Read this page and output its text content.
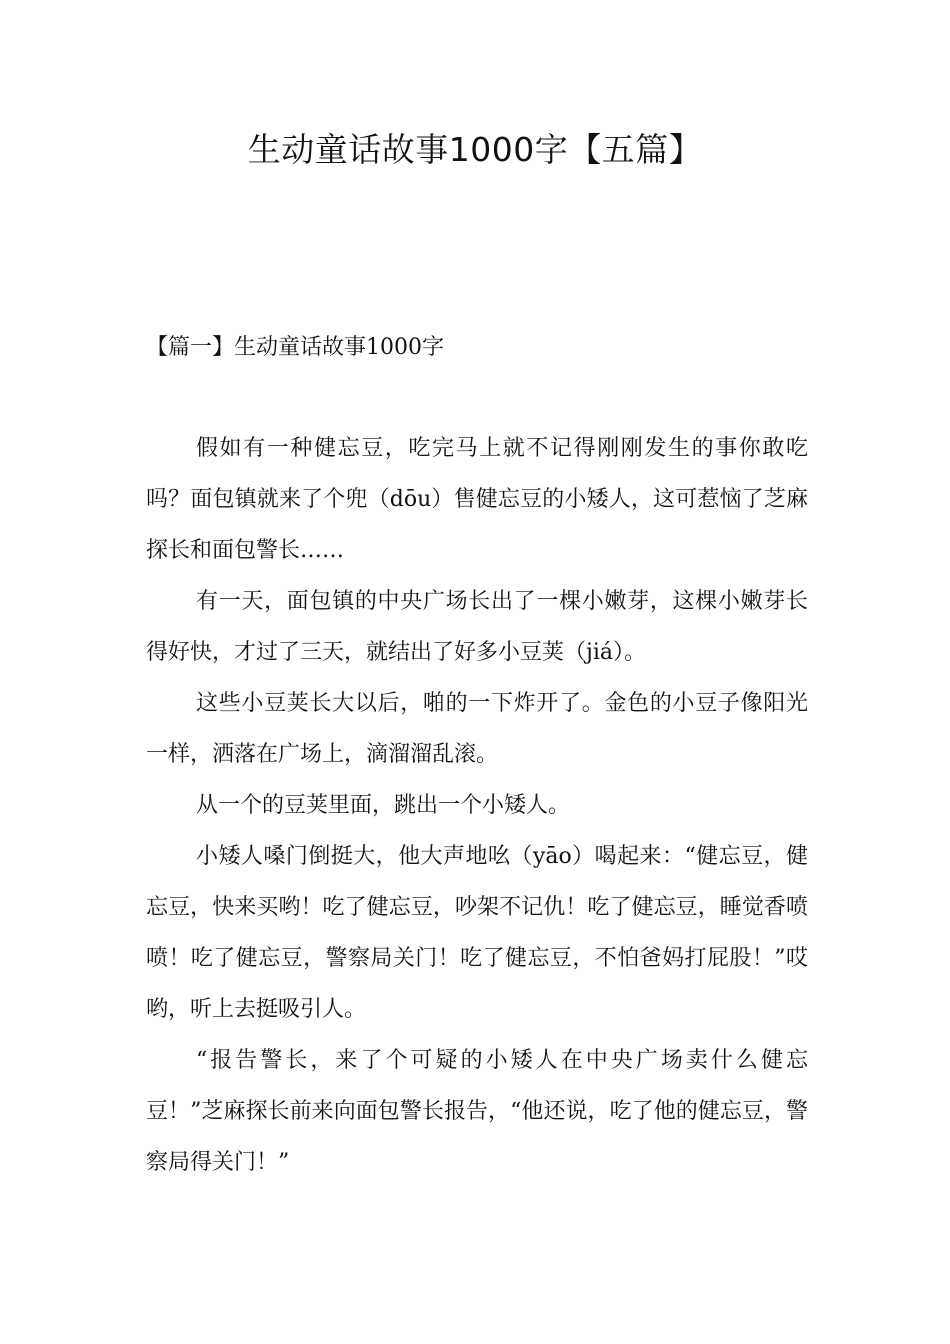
生动童话故事1000字【五篇】
【篇一】生动童话故事1000字

假如有一种健忘豆，吃完马上就不记得刚刚发生的事你敢吃吗？面包镇就来了个兜（dōu）售健忘豆的小矮人，这可惹恼了芝麻探长和面包警长……

有一天，面包镇的中央广场长出了一棵小嫩芽，这棵小嫩芽长得好快，才过了三天，就结出了好多小豆荚（jiá）。

这些小豆荚长大以后，啪的一下炸开了。金色的小豆子像阳光一样，洒落在广场上，滴溜溜乱滚。

从一个的豆荚里面，跳出一个小矮人。

小矮人嗓门倒挺大，他大声地吆（yāo）喝起来：“健忘豆，健忘豆，快来买哟！吃了健忘豆，吵架不记仇！吃了健忘豆，睡觉香喷喷！吃了健忘豆，警察局关门！吃了健忘豆，不怕爸妈打屁股！”哎哟，听上去挺吸引人。

“报告警长，来了个可疑的小矮人在中央广场卖什么健忘豆！”芝麻探长前来向面包警长报告，“他还说，吃了他的健忘豆，警察局得关门！”
